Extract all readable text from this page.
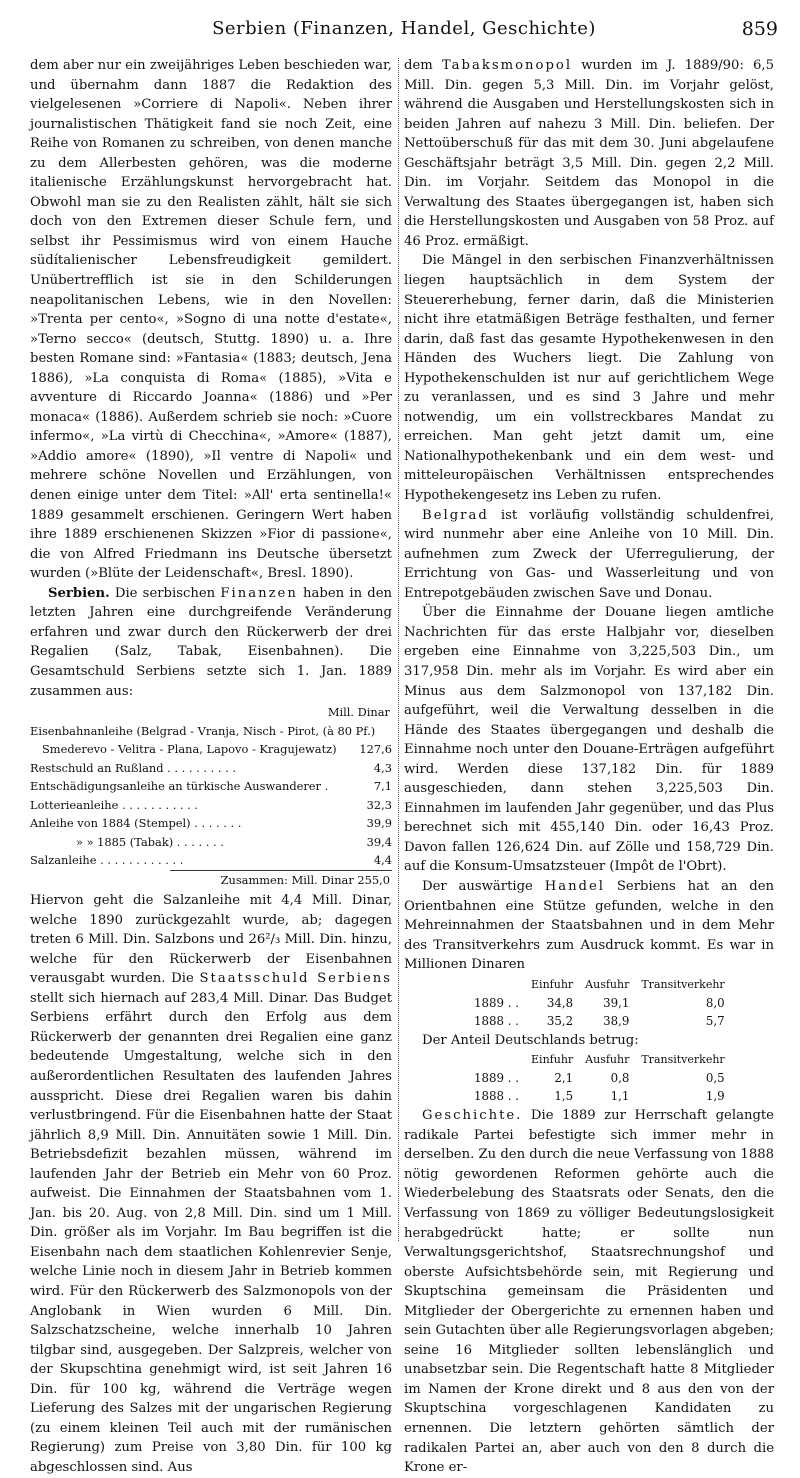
Serbien (Finanzen, Handel, Geschichte)	859

dem aber nur ein zweijähriges Leben beschieden war, und übernahm dann 1887 die Redaktion des vielgelesenen »Corriere di Napoli«. Neben ihrer journalistischen Thätigkeit fand sie noch Zeit, eine Reihe von Romanen zu schreiben, von denen manche zu dem Allerbesten gehören, was die moderne italienische Erzählungskunst hervorgebracht hat. Obwohl man sie zu den Realisten zählt, hält sie sich doch von den Extremen dieser Schule fern, und selbst ihr Pessimismus wird von einem Hauche südítalienischer Lebensfreudigkeit gemildert. Unübertrefflich ist sie in den Schilderungen neapolitanischen Lebens, wie in den Novellen: »Trenta per cento«, »Sogno di una notte d'estate«, »Terno secco« (deutsch, Stuttg. 1890) u. a. Ihre besten Romane sind: »Fantasia« (1883; deutsch, Jena 1886), »La conquista di Roma« (1885), »Vita e avventure di Riccardo Joanna« (1886) und »Per monaca« (1886). Außerdem schrieb sie noch: »Cuore infermo«, »La virtù di Checchina«, »Amore« (1887), »Addio amore« (1890), »Il ventre di Napoli« und mehrere schöne Novellen und Erzählungen, von denen einige unter dem Titel: »All' erta sentinella!« 1889 gesammelt erschienen. Geringern Wert haben ihre 1889 erschienenen Skizzen »Fior di passione«, die von Alfred Friedmann ins Deutsche übersetzt wurden (»Blüte der Leidenschaft«, Bresl. 1890).

Serbien. Die serbischen Finanzen haben in den letzten Jahren eine durchgreifende Veränderung erfahren und zwar durch den Rückerwerb der drei Regalien (Salz, Tabak, Eisenbahnen). Die Gesamtschuld Serbiens setzte sich 1. Jan. 1889 zusammen aus:

Mill. Dinar
Eisenbahnanleihe (Belgrad - Vranja, Nisch - Pirot, (à 80 Pf.)
Smederevo - Velitra - Plana, Lapovo - Kragujewatz)	127,6
Restschuld an Rußland . . . . . . . . . .	4,3
Entschädigungsanleihe an türkische Auswanderer .	7,1
Lotterieanleihe . . . . . . . . . . .	32,3
Anleihe von 1884 (Stempel) . . . . . . .	39,9
» » 1885 (Tabak) . . . . . . .	39,4
Salzanleihe . . . . . . . . . . . .	4,4
Zusammen: Mill. Dinar 255,0

Hiervon geht die Salzanleihe mit 4,4 Mill. Dinar, welche 1890 zurückgezahlt wurde, ab; dagegen treten 6 Mill. Din. Salzbons und 26²/₃ Mill. Din. hinzu, welche für den Rückerwerb der Eisenbahnen verausgabt wurden. Die Staatsschuld Serbiens stellt sich hiernach auf 283,4 Mill. Dinar. Das Budget Serbiens erfährt durch den Erfolg aus dem Rückerwerb der genannten drei Regalien eine ganz bedeutende Umgestaltung, welche sich in den außerordentlichen Resultaten des laufenden Jahres ausspricht. Diese drei Regalien waren bis dahin verlustbringend. Für die Eisenbahnen hatte der Staat jährlich 8,9 Mill. Din. Annuitäten sowie 1 Mill. Din. Betriebsdefizit bezahlen müssen, während im laufenden Jahr der Betrieb ein Mehr von 60 Proz. aufweist. Die Einnahmen der Staatsbahnen vom 1. Jan. bis 20. Aug. von 2,8 Mill. Din. sind um 1 Mill. Din. größer als im Vorjahr. Im Bau begriffen ist die Eisenbahn nach dem staatlichen Kohlenrevier Senje, welche Linie noch in diesem Jahr in Betrieb kommen wird. Für den Rückerwerb des Salzmonopols von der Anglobank in Wien wurden 6 Mill. Din. Salzschatzscheine, welche innerhalb 10 Jahren tilgbar sind, ausgegeben. Der Salzpreis, welcher von der Skupschtina genehmigt wird, ist seit Jahren 16 Din. für 100 kg, während die Verträge wegen Lieferung des Salzes mit der ungarischen Regierung (zu einem kleinen Teil auch mit der rumänischen Regierung) zum Preise von 3,80 Din. für 100 kg abgeschlossen sind. Aus

dem Tabaksmonopol wurden im J. 1889/90: 6,5 Mill. Din. gegen 5,3 Mill. Din. im Vorjahr gelöst, während die Ausgaben und Herstellungskosten sich in beiden Jahren auf nahezu 3 Mill. Din. beliefen. Der Nettoüberschuß für das mit dem 30. Juni abgelaufene Geschäftsjahr beträgt 3,5 Mill. Din. gegen 2,2 Mill. Din. im Vorjahr. Seitdem das Monopol in die Verwaltung des Staates übergegangen ist, haben sich die Herstellungskosten und Ausgaben von 58 Proz. auf 46 Proz. ermäßigt.

Die Mängel in den serbischen Finanzverhältnissen liegen hauptsächlich in dem System der Steuererhebung, ferner darin, daß die Ministerien nicht ihre etatmäßigen Beträge festhalten, und ferner darin, daß fast das gesamte Hypothekenwesen in den Händen des Wuchers liegt. Die Zahlung von Hypothekenschulden ist nur auf gerichtlichem Wege zu veranlassen, und es sind 3 Jahre und mehr notwendig, um ein vollstreckbares Mandat zu erreichen. Man geht jetzt damit um, eine Nationalhypothekenbank und ein dem west- und mitteleuropäischen Verhältnissen entsprechendes Hypothekengesetz ins Leben zu rufen.

Belgrad ist vorläufig vollständig schuldenfrei, wird nunmehr aber eine Anleihe von 10 Mill. Din. aufnehmen zum Zweck der Uferregulierung, der Errichtung von Gas- und Wasserleitung und von Entrepotgebäuden zwischen Save und Donau.

Über die Einnahme der Douane liegen amtliche Nachrichten für das erste Halbjahr vor, dieselben ergeben eine Einnahme von 3,225,503 Din., um 317,958 Din. mehr als im Vorjahr. Es wird aber ein Minus aus dem Salzmonopol von 137,182 Din. aufgeführt, weil die Verwaltung desselben in die Hände des Staates übergegangen und deshalb die Einnahme noch unter den Douane-Erträgen aufgeführt wird. Werden diese 137,182 Din. für 1889 ausgeschieden, dann stehen 3,225,503 Din. Einnahmen im laufenden Jahr gegenüber, und das Plus berechnet sich mit 455,140 Din. oder 16,43 Proz. Davon fallen 126,624 Din. auf Zölle und 158,729 Din. auf die Konsum-Umsatzsteuer (Impôt de l'Obrt).

Der auswärtige Handel Serbiens hat an den Orientbahnen eine Stütze gefunden, welche in den Mehreinnahmen der Staatsbahnen und in dem Mehr des Transitverkehrs zum Ausdruck kommt. Es war in Millionen Dinaren

	Einfuhr	Ausfuhr	Transitverkehr
1889 . .	34,8	39,1	8,0
1888 . .	35,2	38,9	5,7

Der Anteil Deutschlands betrug:

	Einfuhr	Ausfuhr	Transitverkehr
1889 . .	2,1	0,8	0,5
1888 . .	1,5	1,1	1,9

Geschichte. Die 1889 zur Herrschaft gelangte radikale Partei befestigte sich immer mehr in derselben. Zu den durch die neue Verfassung von 1888 nötig gewordenen Reformen gehörte auch die Wiederbelebung des Staatsrats oder Senats, den die Verfassung von 1869 zu völliger Bedeutungslosigkeit herabgedrückt hatte; er sollte nun Verwaltungsgerichtshof, Staatsrechnungshof und oberste Aufsichtsbehörde sein, mit Regierung und Skuptschina gemeinsam die Präsidenten und Mitglieder der Obergerichte zu ernennen haben und sein Gutachten über alle Regierungsvorlagen abgeben; seine 16 Mitglieder sollten lebenslänglich und unabsetzbar sein. Die Regentschaft hatte 8 Mitglieder im Namen der Krone direkt und 8 aus den von der Skuptschina vorgeschlagenen Kandidaten zu ernennen. Die letztern gehörten sämtlich der radikalen Partei an, aber auch von den 8 durch die Krone er-
